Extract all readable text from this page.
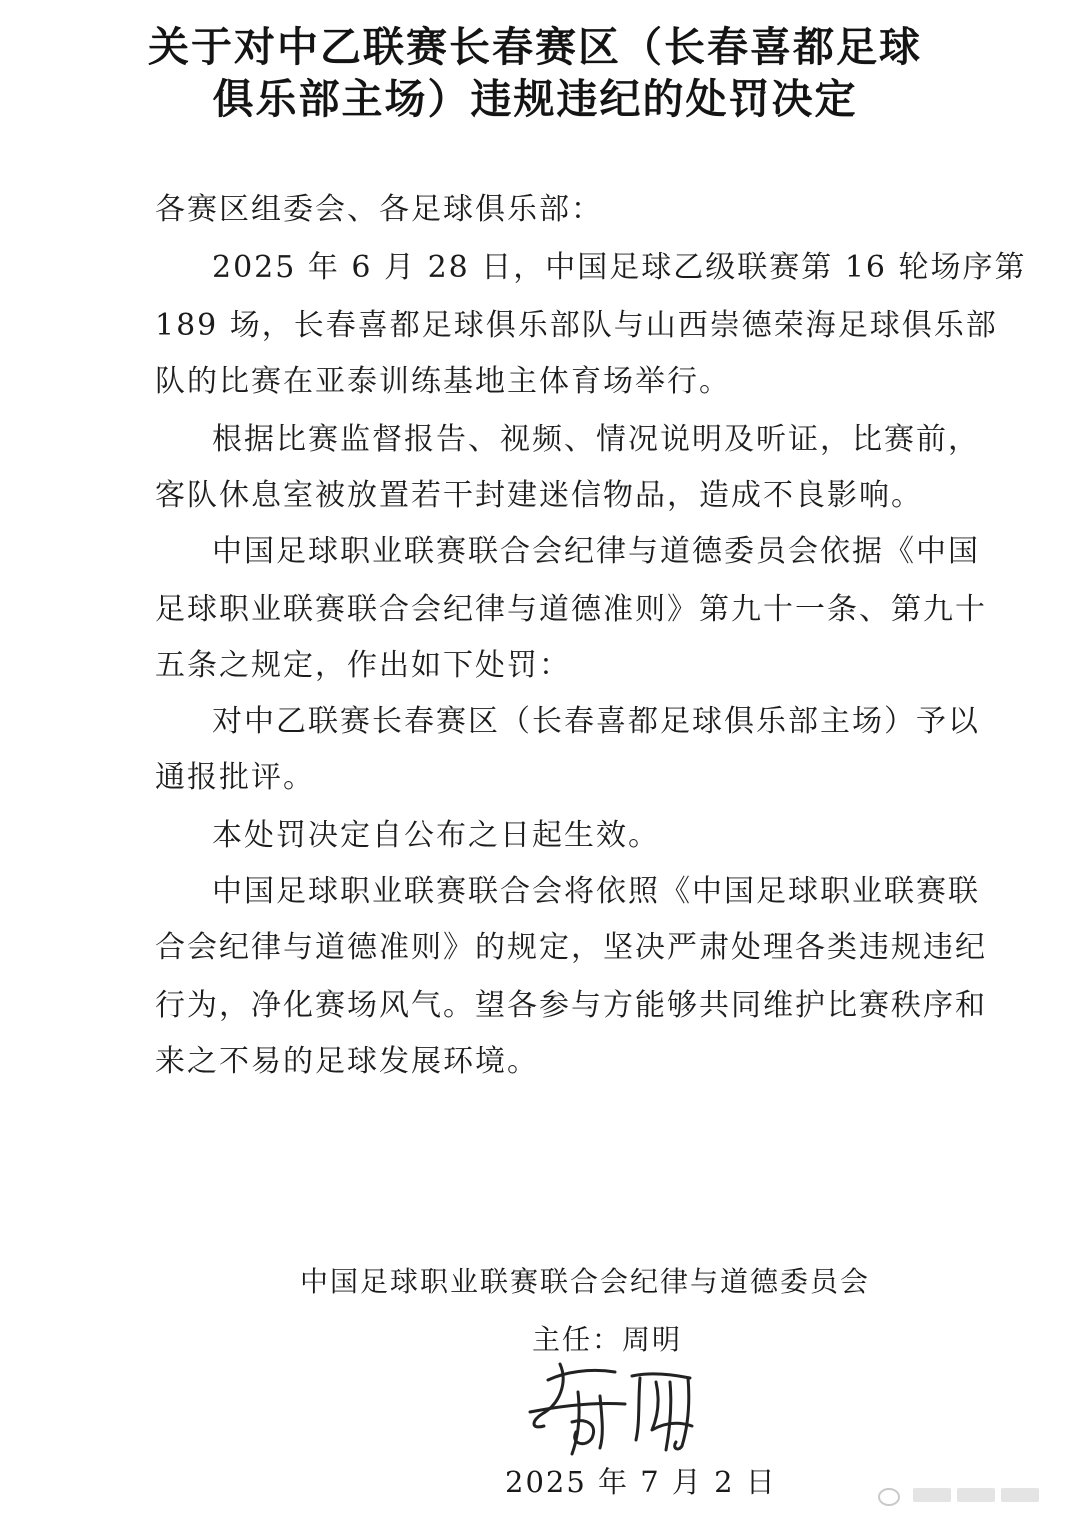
关于对中乙联赛长春赛区（长春喜都足球
俱乐部主场）违规违纪的处罚决定
各赛区组委会、各足球俱乐部：
2025 年 6 月 28 日，中国足球乙级联赛第 16 轮场序第
189 场，长春喜都足球俱乐部队与山西崇德荣海足球俱乐部
队的比赛在亚泰训练基地主体育场举行。
根据比赛监督报告、视频、情况说明及听证，比赛前，
客队休息室被放置若干封建迷信物品，造成不良影响。
中国足球职业联赛联合会纪律与道德委员会依据《中国
足球职业联赛联合会纪律与道德准则》第九十一条、第九十
五条之规定，作出如下处罚：
对中乙联赛长春赛区（长春喜都足球俱乐部主场）予以
通报批评。
本处罚决定自公布之日起生效。
中国足球职业联赛联合会将依照《中国足球职业联赛联
合会纪律与道德准则》的规定，坚决严肃处理各类违规违纪
行为，净化赛场风气。望各参与方能够共同维护比赛秩序和
来之不易的足球发展环境。
中国足球职业联赛联合会纪律与道德委员会
主任：周明
2025 年 7 月 2 日
